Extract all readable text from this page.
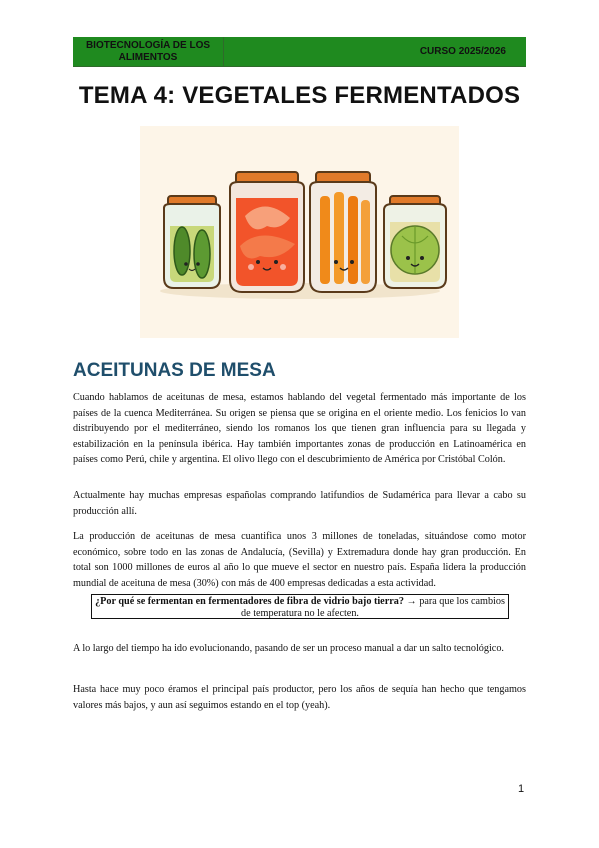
BIOTECNOLOGÍA DE LOS ALIMENTOS	CURSO 2025/2026
TEMA 4: VEGETALES FERMENTADOS
ACEITUNAS DE MESA

Cuando hablamos de aceitunas de mesa, estamos hablando del vegetal fermentado más importante de los países de la cuenca Mediterránea. Su origen se piensa que se origina en el oriente medio. Los fenicios lo van distribuyendo por el mediterráneo, siendo los romanos los que tienen gran influencia para su llegada y estabilización en la península ibérica. Hay también importantes zonas de producción en Latinoamérica en países como Perú, chile y argentina. El olivo llego con el descubrimiento de América por Cristóbal Colón.

Actualmente hay muchas empresas españolas comprando latifundios de Sudamérica para llevar a cabo su producción allí.

La producción de aceitunas de mesa cuantifica unos 3 millones de toneladas, situándose como motor económico, sobre todo en las zonas de Andalucía, (Sevilla) y Extremadura donde hay gran producción. En total son 1000 millones de euros al año lo que mueve el sector en nuestro país. España lidera la producción mundial de aceituna de mesa (30%) con más de 400 empresas dedicadas a esta actividad.

¿Por qué se fermentan en fermentadores de fibra de vidrio bajo tierra? → para que los cambios de temperatura no le afecten.

A lo largo del tiempo ha ido evolucionando, pasando de ser un proceso manual a dar un salto tecnológico.

Hasta hace muy poco éramos el principal país productor, pero los años de sequía han hecho que tengamos valores más bajos, y aun así seguimos estando en el top (yeah).

1
